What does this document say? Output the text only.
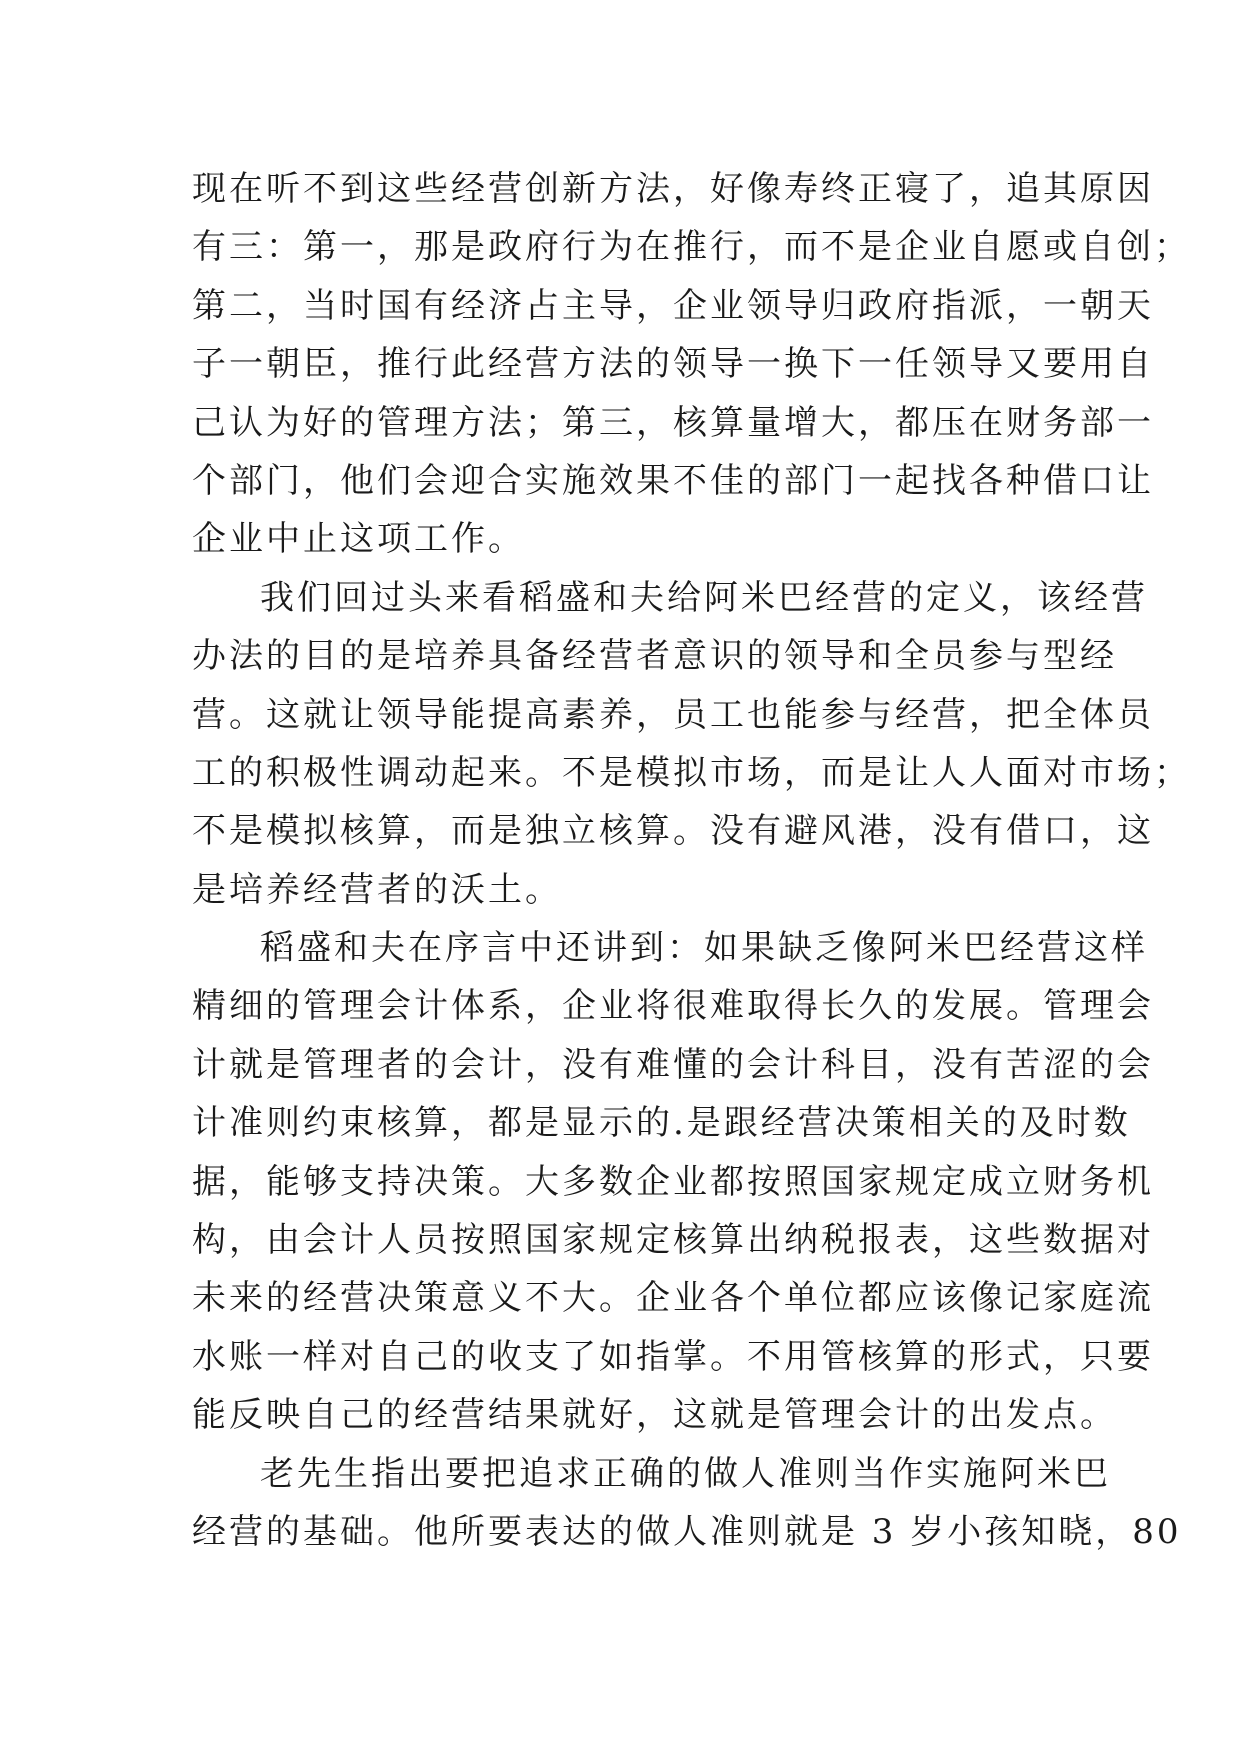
现在听不到这些经营创新方法，好像寿终正寝了，追其原因
有三：第一，那是政府行为在推行，而不是企业自愿或自创；
第二，当时国有经济占主导，企业领导归政府指派，一朝天
子一朝臣，推行此经营方法的领导一换下一任领导又要用自
己认为好的管理方法；第三，核算量增大，都压在财务部一
个部门，他们会迎合实施效果不佳的部门一起找各种借口让
企业中止这项工作。
我们回过头来看稻盛和夫给阿米巴经营的定义，该经营
办法的目的是培养具备经营者意识的领导和全员参与型经
营。这就让领导能提高素养，员工也能参与经营，把全体员
工的积极性调动起来。不是模拟市场，而是让人人面对市场；
不是模拟核算，而是独立核算。没有避风港，没有借口，这
是培养经营者的沃土。
稻盛和夫在序言中还讲到：如果缺乏像阿米巴经营这样
精细的管理会计体系，企业将很难取得长久的发展。管理会
计就是管理者的会计，没有难懂的会计科目，没有苦涩的会
计准则约束核算，都是显示的.是跟经营决策相关的及时数
据，能够支持决策。大多数企业都按照国家规定成立财务机
构，由会计人员按照国家规定核算出纳税报表，这些数据对
未来的经营决策意义不大。企业各个单位都应该像记家庭流
水账一样对自己的收支了如指掌。不用管核算的形式，只要
能反映自己的经营结果就好，这就是管理会计的出发点。
老先生指出要把追求正确的做人准则当作实施阿米巴
经营的基础。他所要表达的做人准则就是 3 岁小孩知晓，80
